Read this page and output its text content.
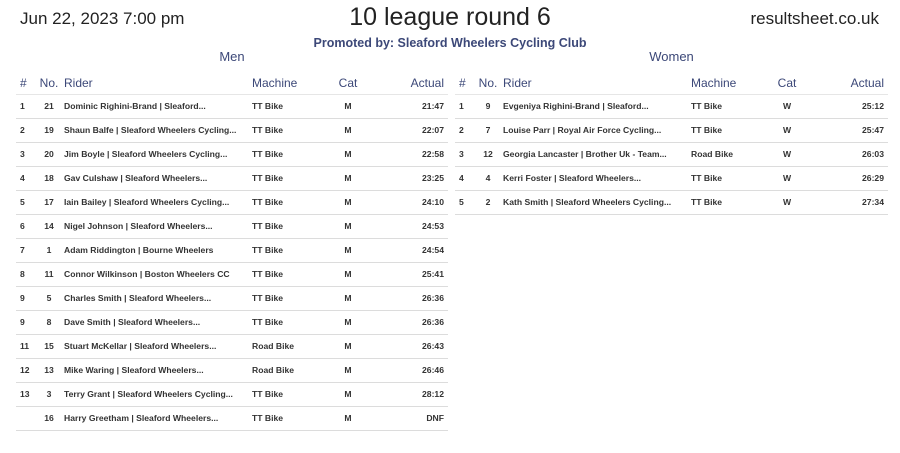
Jun 22, 2023 7:00 pm	10 league round 6	resultsheet.co.uk
Promoted by: Sleaford Wheelers Cycling Club
Men
#	No.	Rider	Machine	Cat	Actual
1	21	Dominic Righini-Brand | Sleaford...	TT Bike	M	21:47
2	19	Shaun Balfe | Sleaford Wheelers Cycling...	TT Bike	M	22:07
3	20	Jim Boyle | Sleaford Wheelers Cycling...	TT Bike	M	22:58
4	18	Gav Culshaw | Sleaford Wheelers...	TT Bike	M	23:25
5	17	Iain Bailey | Sleaford Wheelers Cycling...	TT Bike	M	24:10
6	14	Nigel Johnson | Sleaford Wheelers...	TT Bike	M	24:53
7	1	Adam Riddington | Bourne Wheelers	TT Bike	M	24:54
8	11	Connor Wilkinson | Boston Wheelers CC	TT Bike	M	25:41
9	5	Charles Smith | Sleaford Wheelers...	TT Bike	M	26:36
9	8	Dave Smith | Sleaford Wheelers...	TT Bike	M	26:36
11	15	Stuart McKellar | Sleaford Wheelers...	Road Bike	M	26:43
12	13	Mike Waring | Sleaford Wheelers...	Road Bike	M	26:46
13	3	Terry Grant | Sleaford Wheelers Cycling...	TT Bike	M	28:12
	16	Harry Greetham | Sleaford Wheelers...	TT Bike	M	DNF
Women
#	No.	Rider	Machine	Cat	Actual
1	9	Evgeniya Righini-Brand | Sleaford...	TT Bike	W	25:12
2	7	Louise Parr | Royal Air Force Cycling...	TT Bike	W	25:47
3	12	Georgia Lancaster | Brother Uk - Team...	Road Bike	W	26:03
4	4	Kerri Foster | Sleaford Wheelers...	TT Bike	W	26:29
5	2	Kath Smith | Sleaford Wheelers Cycling...	TT Bike	W	27:34
